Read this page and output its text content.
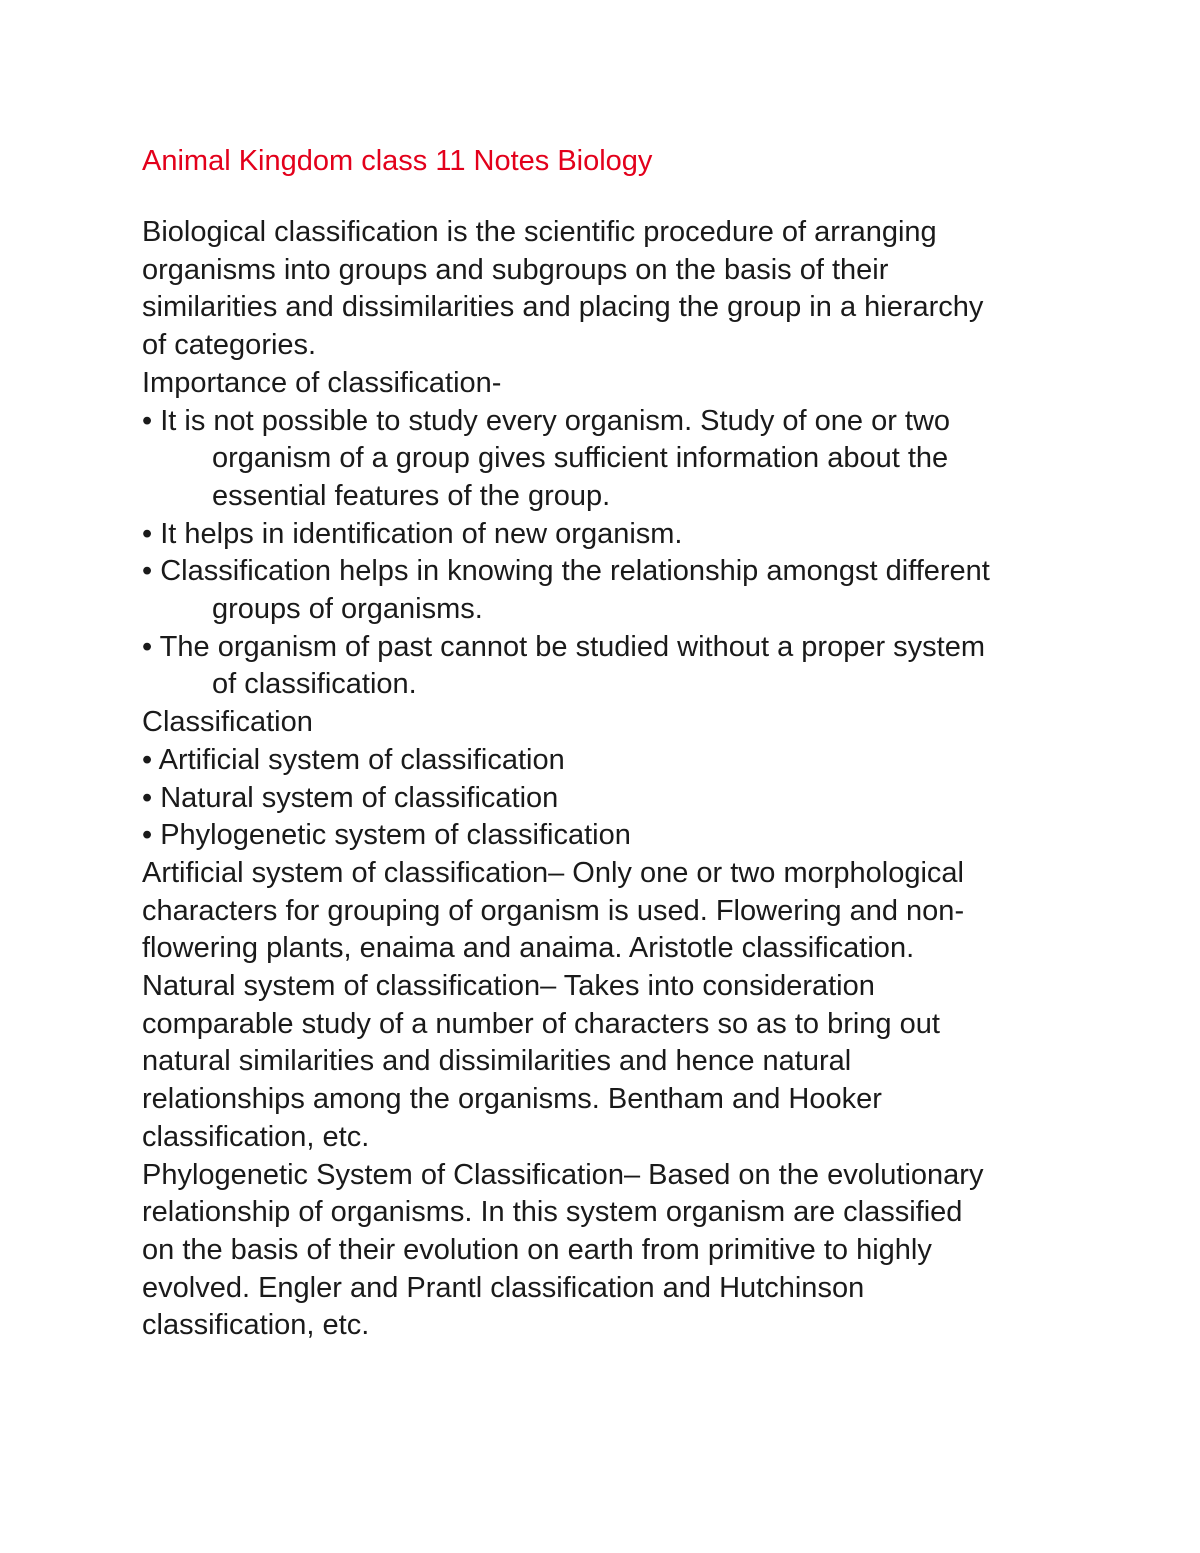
Animal Kingdom class 11 Notes Biology

Biological classification is the scientific procedure of arranging

organisms into groups and subgroups on the basis of their

similarities and dissimilarities and placing the group in a hierarchy

of categories.

Importance of classification-

• It is not possible to study every organism. Study of one or two

organism of a group gives sufficient information about the

essential features of the group.

• It helps in identification of new organism.

• Classification helps in knowing the relationship amongst different

groups of organisms.

• The organism of past cannot be studied without a proper system

of classification.

Classification

• Artificial system of classification

• Natural system of classification

• Phylogenetic system of classification

Artificial system of classification– Only one or two morphological

characters for grouping of organism is used. Flowering and non-

flowering plants, enaima and anaima. Aristotle classification.

Natural system of classification– Takes into consideration

comparable study of a number of characters so as to bring out

natural similarities and dissimilarities and hence natural

relationships among the organisms. Bentham and Hooker

classification, etc.

Phylogenetic System of Classification– Based on the evolutionary

relationship of organisms. In this system organism are classified

on the basis of their evolution on earth from primitive to highly

evolved. Engler and Prantl classification and Hutchinson

classification, etc.
